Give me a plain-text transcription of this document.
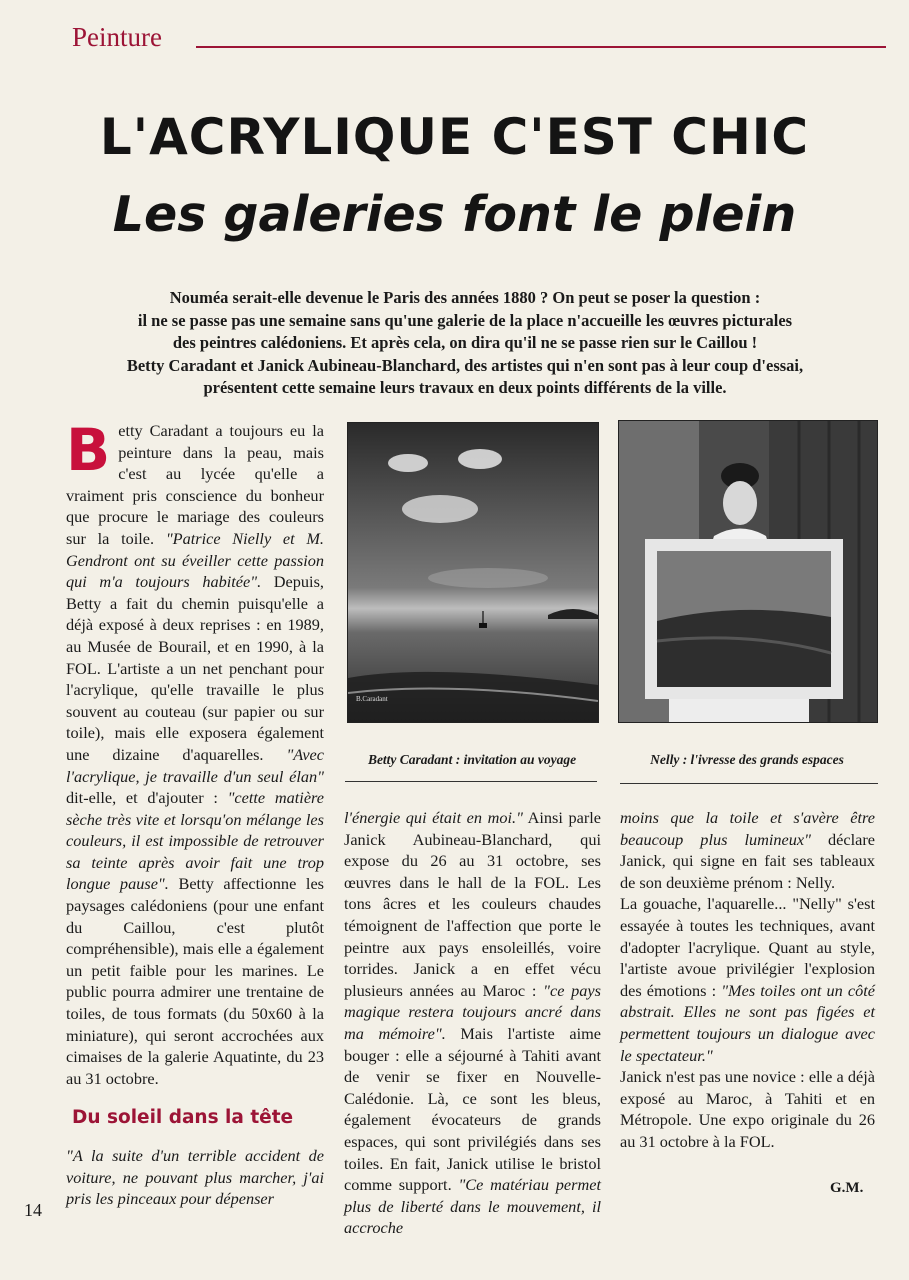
Peinture
L'ACRYLIQUE C'EST CHIC
Les galeries font le plein

Nouméa serait-elle devenue le Paris des années 1880 ? On peut se poser la question :

il ne se passe pas une semaine sans qu'une galerie de la place n'accueille les œuvres picturales

des peintres calédoniens. Et après cela, on dira qu'il ne se passe rien sur le Caillou !

Betty Caradant et Janick Aubineau-Blanchard, des artistes qui n'en sont pas à leur coup d'essai,

présentent cette semaine leurs travaux en deux points différents de la ville.

Betty Caradant a toujours eu la peinture dans la peau, mais c'est au lycée qu'elle a vraiment pris conscience du bonheur que procure le mariage des couleurs sur la toile. "Patrice Nielly et M. Gendront ont su éveiller cette passion qui m'a toujours habitée". Depuis, Betty a fait du chemin puisqu'elle a déjà exposé à deux reprises : en 1989, au Musée de Bourail, et en 1990, à la FOL. L'artiste a un net penchant pour l'acrylique, qu'elle travaille le plus souvent au couteau (sur papier ou sur toile), mais elle exposera également une dizaine d'aquarelles. "Avec l'acrylique, je travaille d'un seul élan" dit-elle, et d'ajouter : "cette matière sèche très vite et lorsqu'on mélange les couleurs, il est impossible de retrouver sa teinte après avoir fait une trop longue pause". Betty affectionne les paysages calédoniens (pour une enfant du Caillou, c'est plutôt compréhensible), mais elle a également un petit faible pour les marines. Le public pourra admirer une trentaine de toiles, de tous formats (du 50x60 à la miniature), qui seront accrochées aux cimaises de la galerie Aquatinte, du 23 au 31 octobre.

Du soleil dans la tête

"A la suite d'un terrible accident de voiture, ne pouvant plus marcher, j'ai pris les pinceaux pour dépenser

B.Caradant
Betty Caradant : invitation au voyage	Nelly : l'ivresse des grands espaces

l'énergie qui était en moi." Ainsi parle Janick Aubineau-Blanchard, qui expose du 26 au 31 octobre, ses œuvres dans le hall de la FOL. Les tons âcres et les couleurs chaudes témoignent de l'affection que porte le peintre aux pays ensoleillés, voire torrides. Janick a en effet vécu plusieurs années au Maroc : "ce pays magique restera toujours ancré dans ma mémoire". Mais l'artiste aime bouger : elle a séjourné à Tahiti avant de venir se fixer en Nouvelle-Calédonie. Là, ce sont les bleus, également évocateurs de grands espaces, qui sont privilégiés dans ses toiles. En fait, Janick utilise le bristol comme support. "Ce matériau permet plus de liberté dans le mouvement, il accroche

moins que la toile et s'avère être beaucoup plus lumineux" déclare Janick, qui signe en fait ses tableaux de son deuxième prénom : Nelly.

La gouache, l'aquarelle... "Nelly" s'est essayée à toutes les techniques, avant d'adopter l'acrylique. Quant au style, l'artiste avoue privilégier l'explosion des émotions : "Mes toiles ont un côté abstrait. Elles ne sont pas figées et permettent toujours un dialogue avec le spectateur."

Janick n'est pas une novice : elle a déjà exposé au Maroc, à Tahiti et en Métropole. Une expo originale du 26 au 31 octobre à la FOL.

G.M.
14
